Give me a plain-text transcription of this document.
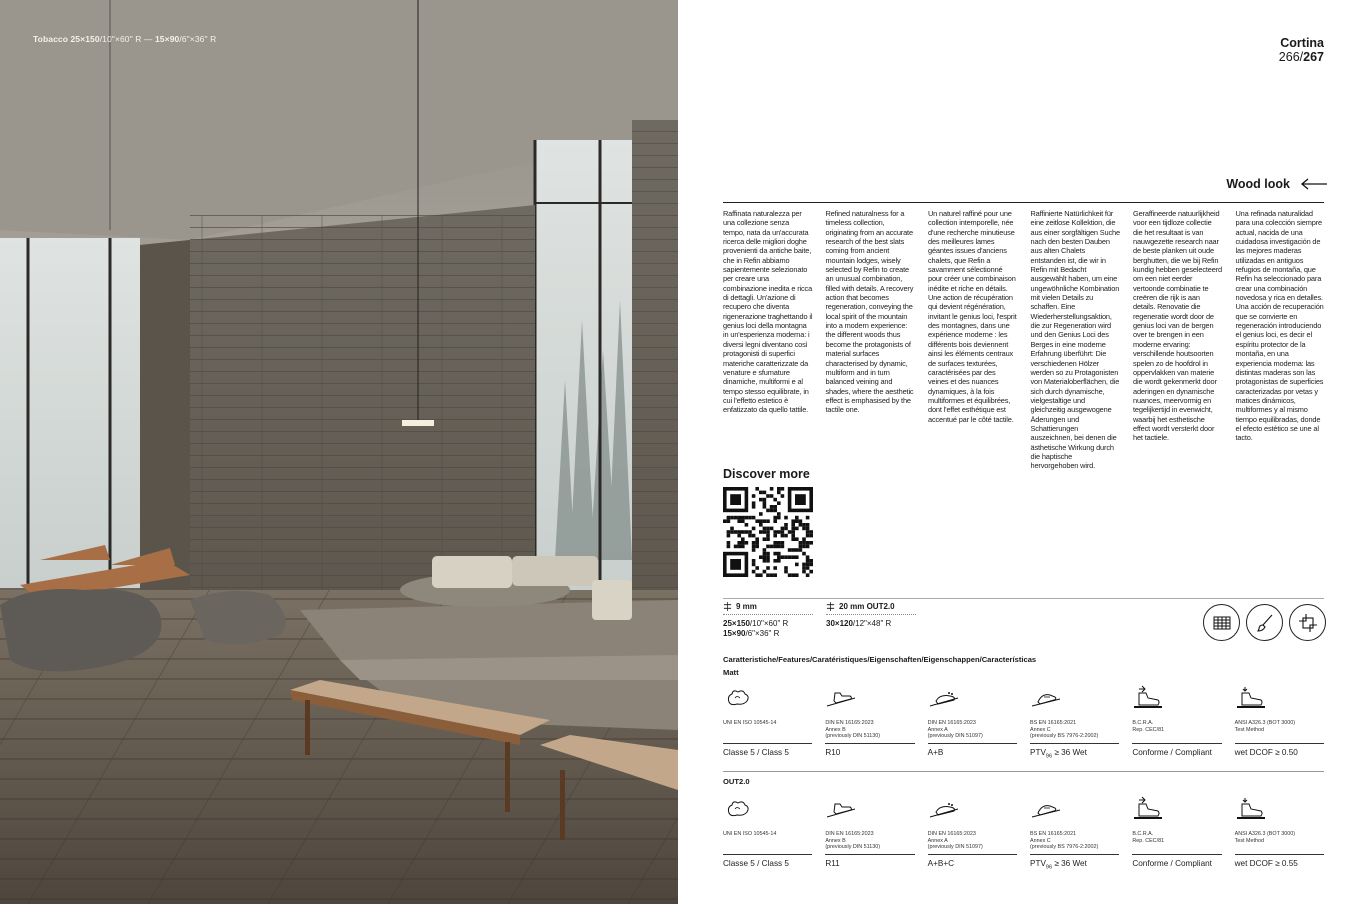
Tobacco 25×150/10"×60" R — 15×90/6"×36" R	Cortina
266/267
Wood look
Raffinata naturalezza per una collezione senza tempo, nata da un'accurata ricerca delle migliori doghe provenienti da antiche baite, che in Refin abbiamo sapientemente selezionato per creare una combinazione inedita e ricca di dettagli. Un'azione di recupero che diventa rigenerazione traghettando il genius loci della montagna in un'esperienza moderna: i diversi legni diventano così protagonisti di superfici materiche caratterizzate da venature e sfumature dinamiche, multiformi e al tempo stesso equilibrate, in cui l'effetto estetico è enfatizzato da quello tattile.
Refined naturalness for a timeless collection, originating from an accurate research of the best slats coming from ancient mountain lodges, wisely selected by Refin to create an unusual combination, filled with details. A recovery action that becomes regeneration, conveying the local spirit of the mountain into a modern experience: the different woods thus become the protagonists of material surfaces characterised by dynamic, multiform and in turn balanced veining and shades, where the aesthetic effect is emphasised by the tactile one.
Un naturel raffiné pour une collection intemporelle, née d'une recherche minutieuse des meilleures lames géantes issues d'anciens chalets, que Refin a savamment sélectionné pour créer une combinaison inédite et riche en détails. Une action de récupération qui devient régénération, invitant le genius loci, l'esprit des montagnes, dans une expérience moderne : les différents bois deviennent ainsi les éléments centraux de surfaces texturées, caractérisées par des veines et des nuances dynamiques, à la fois multiformes et équilibrées, dont l'effet esthétique est accentué par le côté tactile.
Raffinierte Natürlichkeit für eine zeitlose Kollektion, die aus einer sorgfältigen Suche nach den besten Dauben aus alten Chalets entstanden ist, die wir in Refin mit Bedacht ausgewählt haben, um eine ungewöhnliche Kombination mit vielen Details zu schaffen. Eine Wiederherstellungsaktion, die zur Regeneration wird und den Genius Loci des Berges in eine moderne Erfahrung überführt: Die verschiedenen Hölzer werden so zu Protagonisten von Materialoberflächen, die sich durch dynamische, vielgestaltige und gleichzeitig ausgewogene Äderungen und Schattierungen auszeichnen, bei denen die ästhetische Wirkung durch die haptische hervorgehoben wird.
Geraffineerde natuurlijkheid voor een tijdloze collectie die het resultaat is van nauwgezette research naar de beste planken uit oude berghutten, die we bij Refin kundig hebben geselecteerd om een niet eerder vertoonde combinatie te creëren die rijk is aan details. Renovatie die regeneratie wordt door de genius loci van de bergen over te brengen in een moderne ervaring: verschillende houtsoorten spelen zo de hoofdrol in oppervlakken van materie die wordt gekenmerkt door aderingen en dynamische nuances, meervormig en tegelijkertijd in evenwicht, waarbij het esthetische effect wordt versterkt door het tactiele.
Una refinada naturalidad para una colección siempre actual, nacida de una cuidadosa investigación de las mejores maderas utilizadas en antiguos refugios de montaña, que Refin ha seleccionado para crear una combinación novedosa y rica en detalles. Una acción de recuperación que se convierte en regeneración introduciendo el genius loci, es decir el espíritu protector de la montaña, en una experiencia moderna: las distintas maderas son las protagonistas de superficies caracterizadas por vetas y matices dinámicos, multiformes y al mismo tiempo equilibradas, donde el efecto estético se une al tacto.
Discover more
9 mm
25×150/10"×60" R
15×90/6"×36" R
20 mm OUT2.0
30×120/12"×48" R
Caratteristiche/Features/Caratéristiques/Eigenschaften/Eigenschappen/Características
Matt
UNI EN ISO 10545-14
Classe 5 / Class 5
DIN EN 16165:2023
Annex B
(previously DIN 51130)
R10
DIN EN 16165:2023
Annex A
(previously DIN 51097)
A+B
BS EN 16165:2021
Annex C
(previously BS 7976-2:2002)
$PTV_{96} \ge 36$ Wet
B.C.R.A.
Rep. CEC/81
Conforme / Compliant
ANSI A326.3 (BOT 3000)
Test Method
wet DCOF ≥ 0.50
OUT2.0
UNI EN ISO 10545-14
Classe 5 / Class 5
DIN EN 16165:2023
Annex B
(previously DIN 51130)
R11
DIN EN 16165:2023
Annex A
(previously DIN 51097)
A+B+C
BS EN 16165:2021
Annex C
(previously BS 7976-2:2002)
$PTV_{96} \ge 36$ Wet
B.C.R.A.
Rep. CEC/81
Conforme / Compliant
ANSI A326.3 (BOT 3000)
Test Method
wet DCOF ≥ 0.55
